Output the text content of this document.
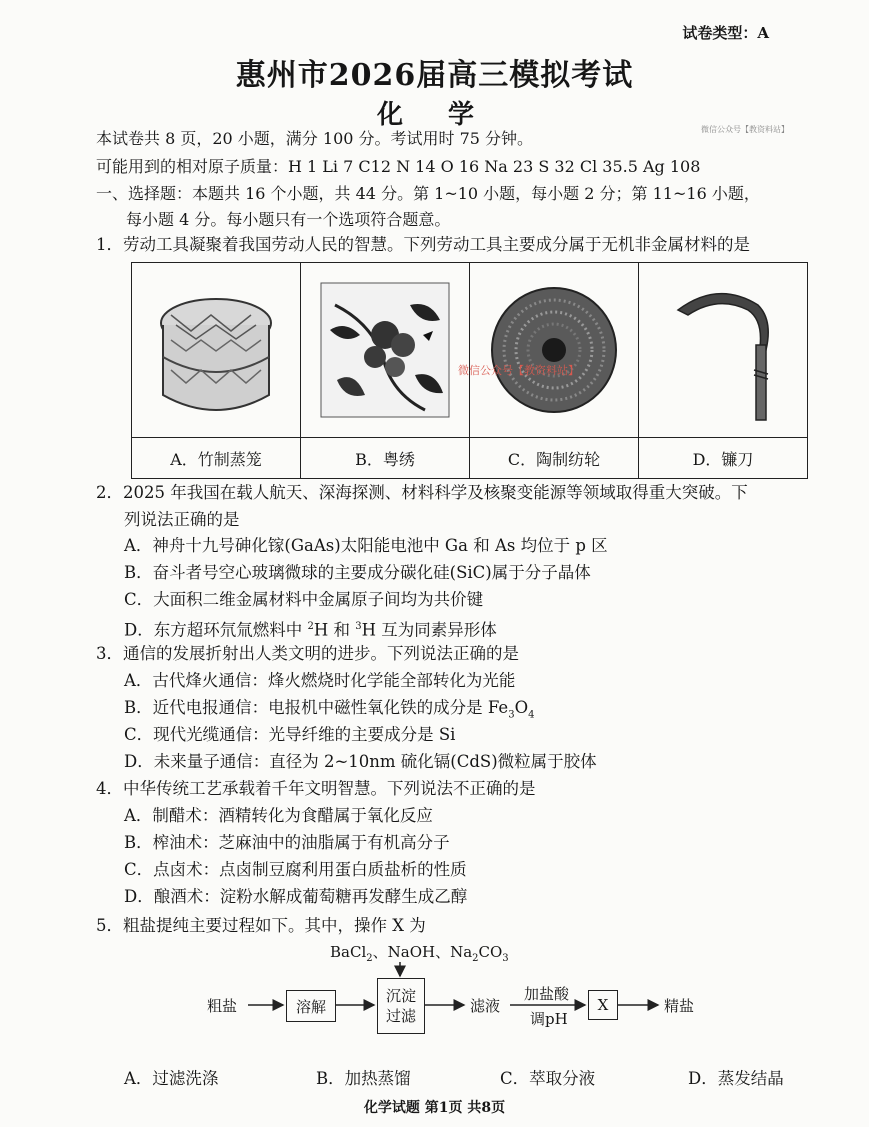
试卷类型：A
惠州市2026届高三模拟考试
化 学	微信公众号【教资料站】
本试卷共 8 页，20 小题，满分 100 分。考试用时 75 分钟。
可能用到的相对原子质量：H 1 Li 7 C12 N 14 O 16 Na 23 S 32 Cl 35.5 Ag 108
一、选择题：本题共 16 个小题，共 44 分。第 1~10 小题，每小题 2 分；第 11~16 小题，
每小题 4 分。每小题只有一个选项符合题意。
1．劳动工具凝聚着我国劳动人民的智慧。下列劳动工具主要成分属于无机非金属材料的是
A．竹制蒸笼	B．粤绣	C．陶制纺轮	D．镰刀
微信公众号【教资料站】
2．2025 年我国在载人航天、深海探测、材料科学及核聚变能源等领域取得重大突破。下
列说法正确的是
A．神舟十九号砷化镓(GaAs)太阳能电池中 Ga 和 As 均位于 p 区
B．奋斗者号空心玻璃微球的主要成分碳化硅(SiC)属于分子晶体
C．大面积二维金属材料中金属原子间均为共价键
D．东方超环氘氚燃料中 $^2$H 和 $^3$H 互为同素异形体
3．通信的发展折射出人类文明的进步。下列说法正确的是
A．古代烽火通信：烽火燃烧时化学能全部转化为光能
B．近代电报通信：电报机中磁性氧化铁的成分是 $Fe_3O_4$
C．现代光缆通信：光导纤维的主要成分是 Si
D．未来量子通信：直径为 2~10nm 硫化镉(CdS)微粒属于胶体
4．中华传统工艺承载着千年文明智慧。下列说法不正确的是
A．制醋术：酒精转化为食醋属于氧化反应
B．榨油术：芝麻油中的油脂属于有机高分子
C．点卤术：点卤制豆腐利用蛋白质盐析的性质
D．酿酒术：淀粉水解成葡萄糖再发酵生成乙醇
5．粗盐提纯主要过程如下。其中，操作 X 为
BaCl$_2$、NaOH、$Na_2CO_3$
粗盐	溶解
沉淀
过滤
滤液
加盐酸
调pH
X	精盐
A．过滤洗涤	B．加热蒸馏	C．萃取分液	D．蒸发结晶
化学试题 第1页 共8页
